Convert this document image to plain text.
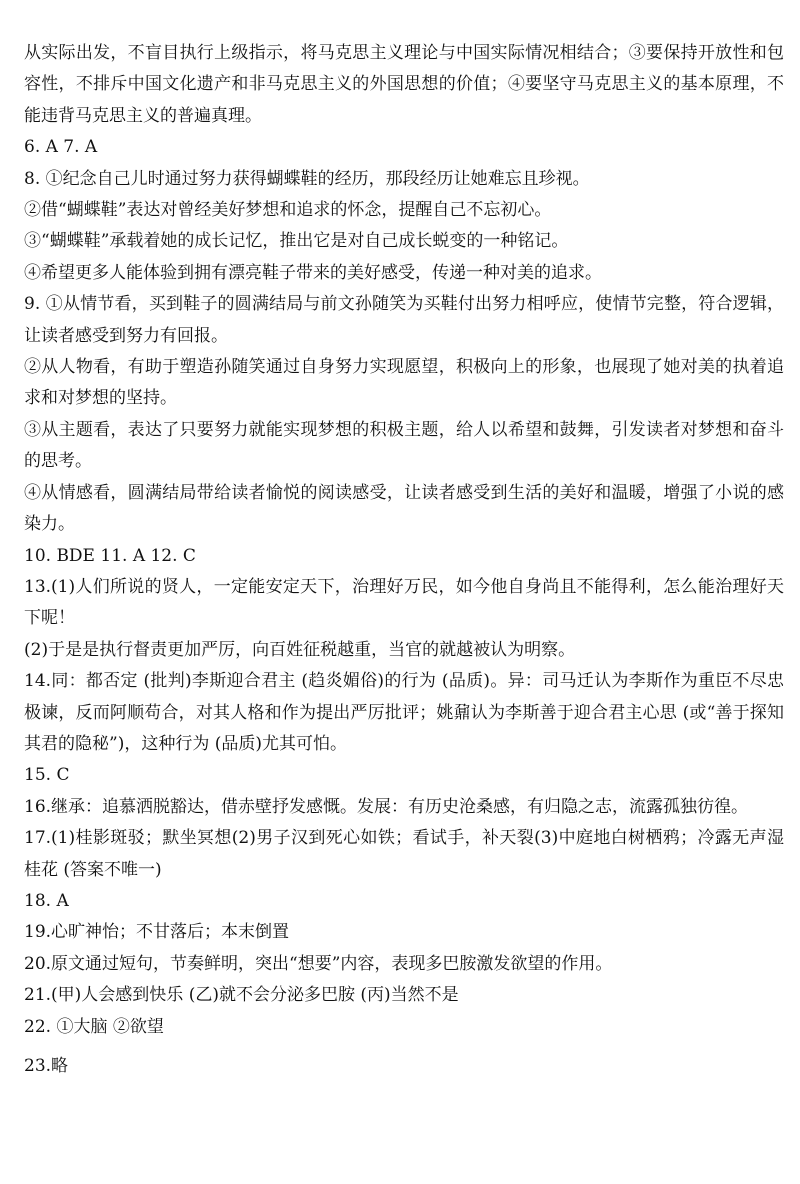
从实际出发，不盲目执行上级指示，将马克思主义理论与中国实际情况相结合；③要保持开放性和包容性，不排斥中国文化遗产和非马克思主义的外国思想的价值；④要坚守马克思主义的基本原理，不能违背马克思主义的普遍真理。

6. A 7. A

8. ①纪念自己儿时通过努力获得蝴蝶鞋的经历，那段经历让她难忘且珍视。

②借“蝴蝶鞋”表达对曾经美好梦想和追求的怀念，提醒自己不忘初心。

③“蝴蝶鞋”承载着她的成长记忆，推出它是对自己成长蜕变的一种铭记。

④希望更多人能体验到拥有漂亮鞋子带来的美好感受，传递一种对美的追求。

9. ①从情节看，买到鞋子的圆满结局与前文孙随笑为买鞋付出努力相呼应，使情节完整，符合逻辑，让读者感受到努力有回报。

②从人物看，有助于塑造孙随笑通过自身努力实现愿望，积极向上的形象，也展现了她对美的执着追求和对梦想的坚持。

③从主题看，表达了只要努力就能实现梦想的积极主题，给人以希望和鼓舞，引发读者对梦想和奋斗的思考。

④从情感看，圆满结局带给读者愉悦的阅读感受，让读者感受到生活的美好和温暖，增强了小说的感染力。

10. BDE 11. A 12. C

13.(1)人们所说的贤人，一定能安定天下，治理好万民，如今他自身尚且不能得利，怎么能治理好天下呢！

(2)于是是执行督责更加严厉，向百姓征税越重，当官的就越被认为明察。

14.同：都否定 (批判)李斯迎合君主 (趋炎媚俗)的行为 (品质)。异：司马迁认为李斯作为重臣不尽忠极谏，反而阿顺苟合，对其人格和作为提出严厉批评；姚鼐认为李斯善于迎合君主心思 (或“善于探知其君的隐秘”)，这种行为 (品质)尤其可怕。

15. C

16.继承：追慕洒脱豁达，借赤壁抒发感慨。发展：有历史沧桑感，有归隐之志，流露孤独彷徨。

17.(1)桂影斑驳；默坐冥想(2)男子汉到死心如铁；看试手，补天裂(3)中庭地白树栖鸦；冷露无声湿桂花 (答案不唯一)

18. A

19.心旷神怡；不甘落后；本末倒置

20.原文通过短句，节奏鲜明，突出“想要”内容，表现多巴胺激发欲望的作用。

21.(甲)人会感到快乐 (乙)就不会分泌多巴胺 (丙)当然不是

22. ①大脑 ②欲望

23.略
